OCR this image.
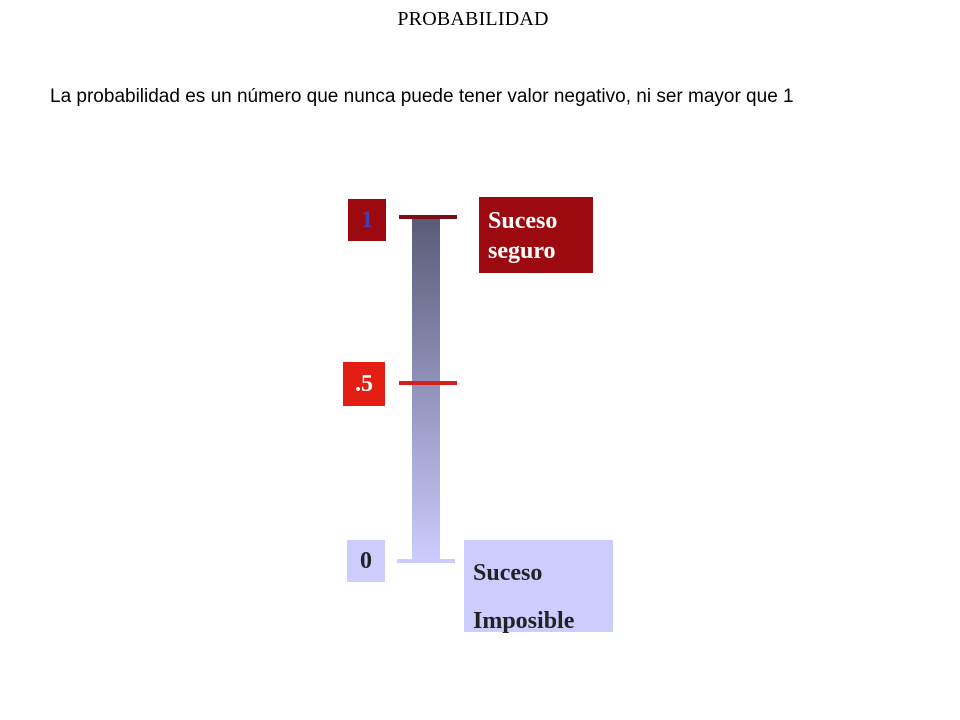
PROBABILIDAD
La probabilidad es un número que nunca puede tener valor negativo, ni ser mayor que 1
1
.5
0
Suceso
seguro
Suceso
Imposible
